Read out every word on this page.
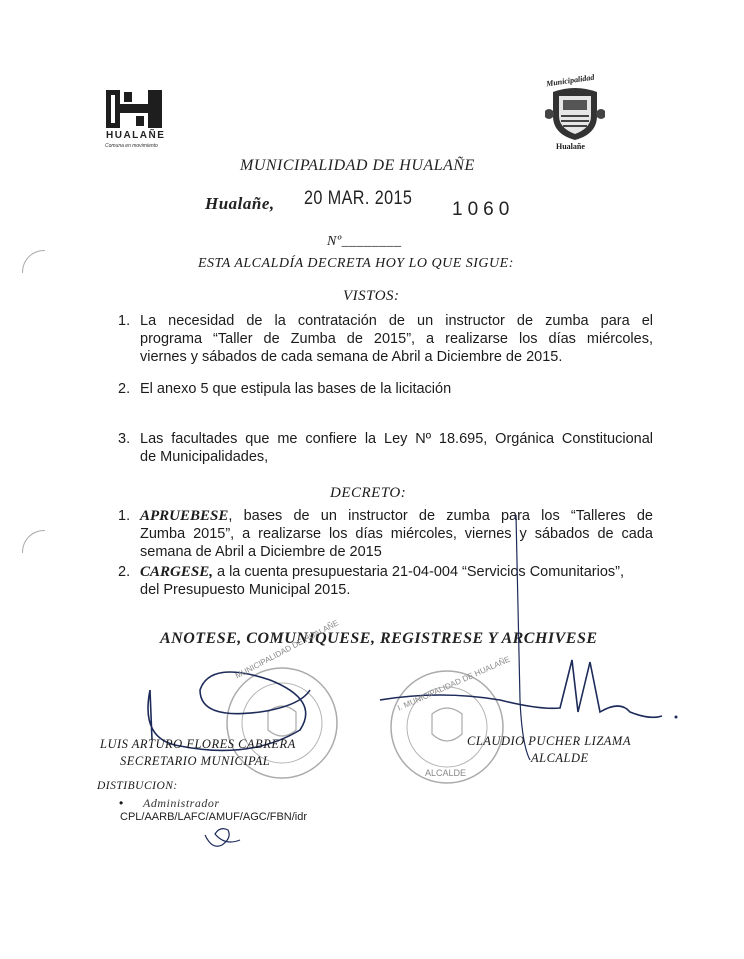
HUALAÑE
Comuna en movimiento
Municipalidad
Hualañe
MUNICIPALIDAD DE HUALAÑE
Hualañe, 20 MAR. 2015
1060
Nº________
ESTA ALCALDÍA DECRETA HOY LO QUE SIGUE:
VISTOS:
1. La necesidad de la contratación de un instructor de zumba para el
programa “Taller de Zumba de 2015”, a realizarse los días miércoles,
viernes y sábados de cada semana de Abril a Diciembre de 2015.
2. El anexo 5 que estipula las bases de la licitación
3. Las facultades que me confiere la Ley Nº 18.695, Orgánica Constitucional
de Municipalidades,
DECRETO:
1. APRUEBESE, bases de un instructor de zumba para los “Talleres de
Zumba 2015”, a realizarse los días miércoles, viernes y sábados de cada
semana de Abril a Diciembre de 2015
2. CARGESE, a la cuenta presupuestaria 21-04-004 “Servicios Comunitarios”,
del Presupuesto Municipal 2015.
ANOTESE, COMUNIQUESE, REGISTRESE Y ARCHIVESE
MUNICIPALIDAD DE HUALAÑE
I. MUNICIPALIDAD DE HUALAÑE
ALCALDE
LUIS ARTURO FLORES CABRERA
SECRETARIO MUNICIPAL
CLAUDIO PUCHER LIZAMA
ALCALDE
DISTIBUCION:
• Administrador
CPL/AARB/LAFC/AMUF/AGC/FBN/idr
